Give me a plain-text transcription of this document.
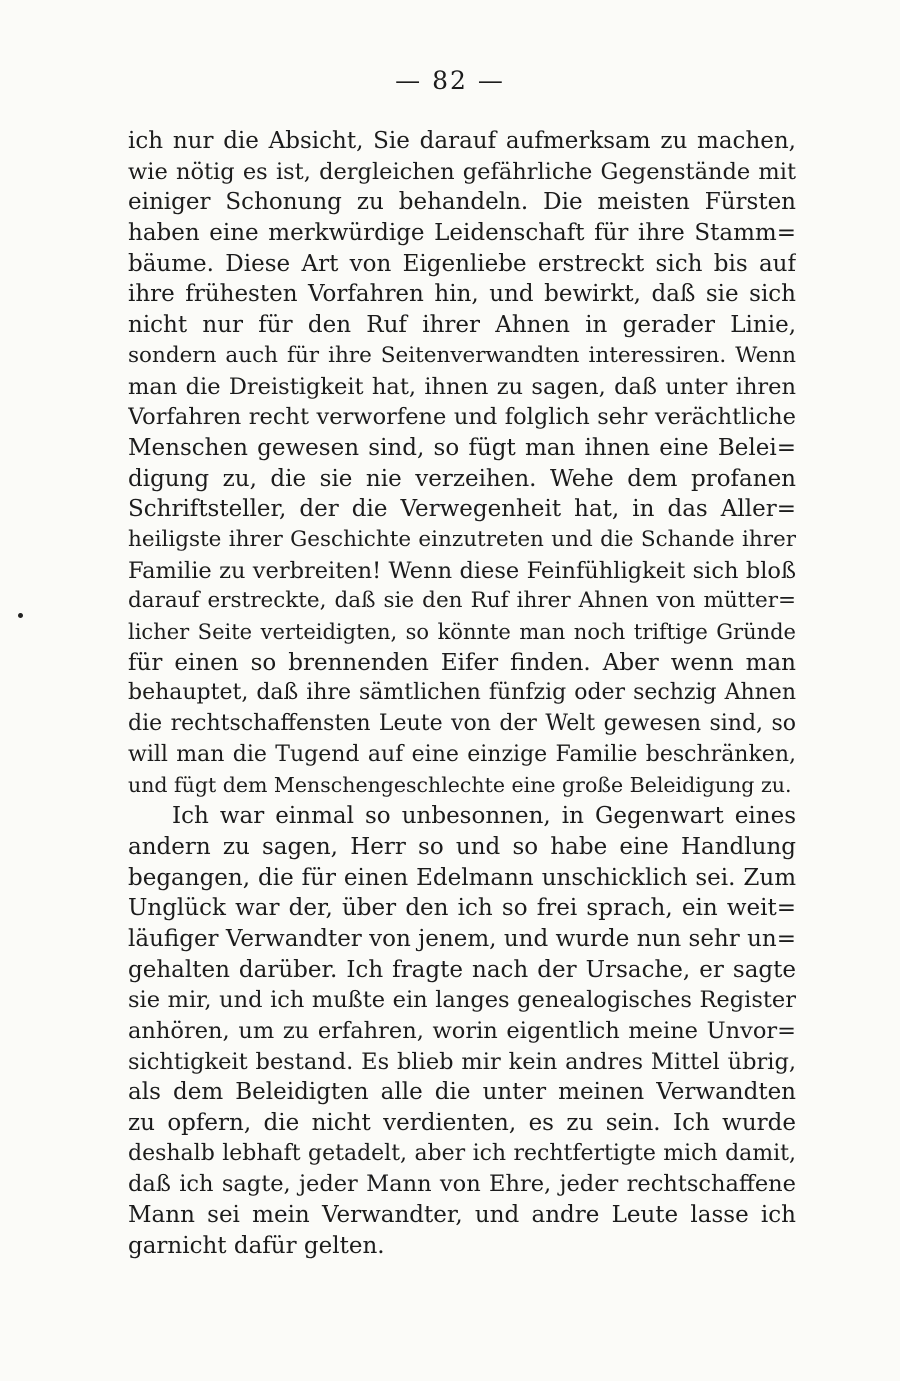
— 82 —
ich nur die Absicht, Sie darauf aufmerksam zu machen,
wie nötig es ist, dergleichen gefährliche Gegenstände mit
einiger Schonung zu behandeln. Die meisten Fürsten
haben eine merkwürdige Leidenschaft für ihre Stamm=
bäume. Diese Art von Eigenliebe erstreckt sich bis auf
ihre frühesten Vorfahren hin, und bewirkt, daß sie sich
nicht nur für den Ruf ihrer Ahnen in gerader Linie,
sondern auch für ihre Seitenverwandten interessiren. Wenn
man die Dreistigkeit hat, ihnen zu sagen, daß unter ihren
Vorfahren recht verworfene und folglich sehr verächtliche
Menschen gewesen sind, so fügt man ihnen eine Belei=
digung zu, die sie nie verzeihen. Wehe dem profanen
Schriftsteller, der die Verwegenheit hat, in das Aller=
heiligste ihrer Geschichte einzutreten und die Schande ihrer
Familie zu verbreiten! Wenn diese Feinfühligkeit sich bloß
darauf erstreckte, daß sie den Ruf ihrer Ahnen von mütter=
licher Seite verteidigten, so könnte man noch triftige Gründe
für einen so brennenden Eifer finden. Aber wenn man
behauptet, daß ihre sämtlichen fünfzig oder sechzig Ahnen
die rechtschaffensten Leute von der Welt gewesen sind, so
will man die Tugend auf eine einzige Familie beschränken,
und fügt dem Menschengeschlechte eine große Beleidigung zu.
Ich war einmal so unbesonnen, in Gegenwart eines
andern zu sagen, Herr so und so habe eine Handlung
begangen, die für einen Edelmann unschicklich sei. Zum
Unglück war der, über den ich so frei sprach, ein weit=
läufiger Verwandter von jenem, und wurde nun sehr un=
gehalten darüber. Ich fragte nach der Ursache, er sagte
sie mir, und ich mußte ein langes genealogisches Register
anhören, um zu erfahren, worin eigentlich meine Unvor=
sichtigkeit bestand. Es blieb mir kein andres Mittel übrig,
als dem Beleidigten alle die unter meinen Verwandten
zu opfern, die nicht verdienten, es zu sein. Ich wurde
deshalb lebhaft getadelt, aber ich rechtfertigte mich damit,
daß ich sagte, jeder Mann von Ehre, jeder rechtschaffene
Mann sei mein Verwandter, und andre Leute lasse ich
garnicht dafür gelten.
